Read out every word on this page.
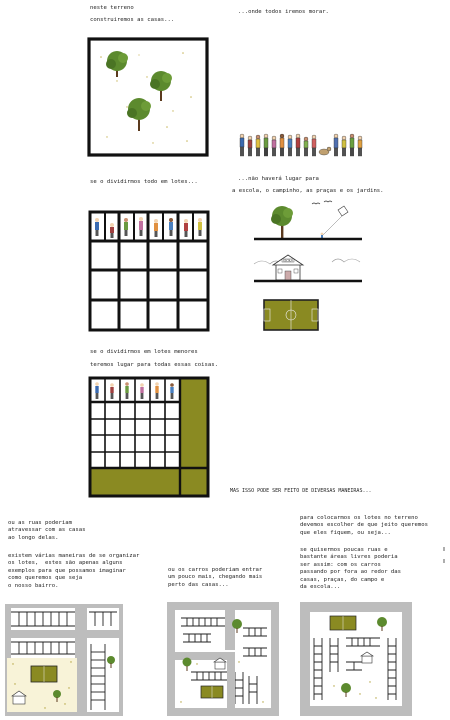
neste terreno
construiremos as casas...
...onde todos iremos morar.
se o dividirmos todo em lotes...	...não haverá lugar para
a escola, o campinho, as praças e os jardins.
ESCOLA
se o dividirmos em lotes menores
teremos lugar para todas essas coisas.
MAS ISSO PODE SER FEITO DE DIVERSAS MANEIRAS...
ou as ruas poderiam
atravessar com as casas
ao longo delas.
existem várias maneiras de se organizar
os lotes,  estes são apenas alguns
exemplos para que possamos imaginar
como queremos que seja
o nosso bairro.
ou os carros poderiam entrar
um pouco mais, chegando mais
perto das casas...
para colocarmos os lotes no terreno
devemos escolher de que jeito queremos
que eles fiquem, ou seja...
se quisermos poucas ruas e
bastante áreas livres poderia
ser assim: com os carros
passando por fora ao redor das
casas, praças, do campo e
da escola...
